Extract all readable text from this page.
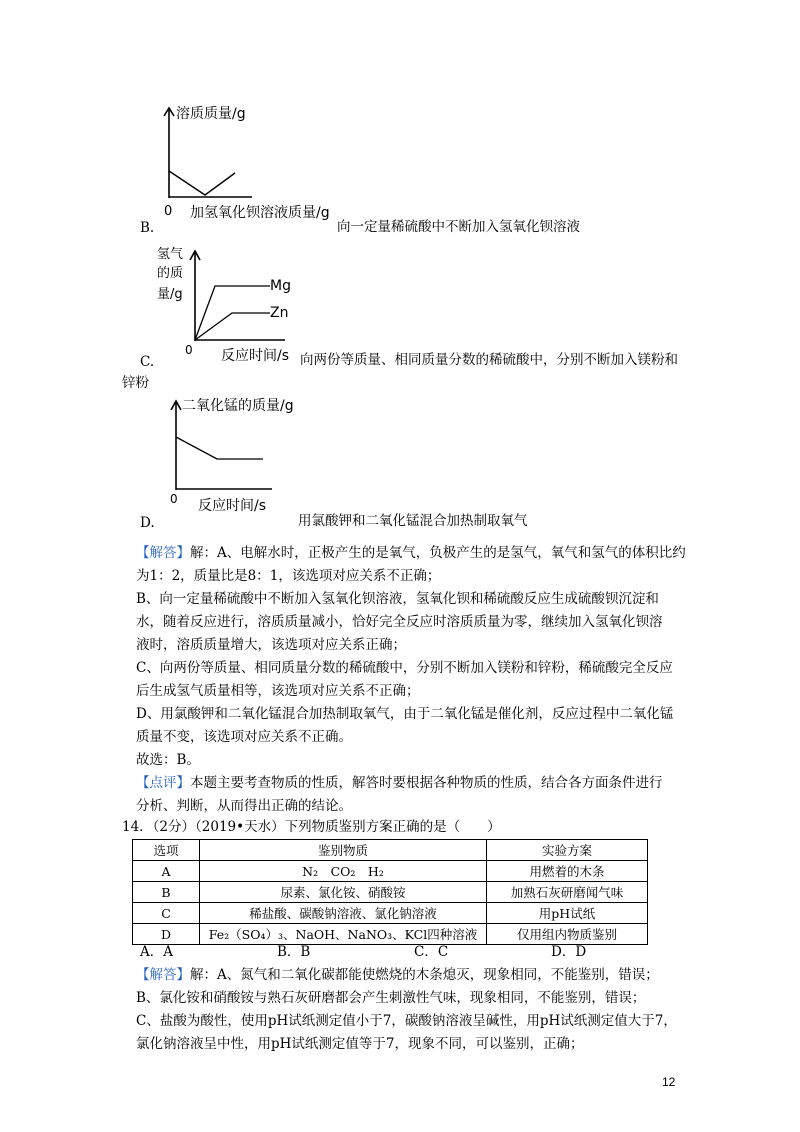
溶质质量/g
0 加氢氧化钡溶液质量/g
B.	向一定量稀硫酸中不断加入氢氧化钡溶液
氢气
的质
量/g
0 反应时间/s
Mg
Zn
C.	向两份等质量、相同质量分数的稀硫酸中，分别不断加入镁粉和
锌粉
二氧化锰的质量/g
0 反应时间/s
D.	用氯酸钾和二氧化锰混合加热制取氧气
【解答】解：A、电解水时，正极产生的是氧气，负极产生的是氢气，氧气和氢气的体积比约
为1：2，质量比是8：1，该选项对应关系不正确；
B、向一定量稀硫酸中不断加入氢氧化钡溶液，氢氧化钡和稀硫酸反应生成硫酸钡沉淀和
水，随着反应进行，溶质质量减小，恰好完全反应时溶质质量为零，继续加入氢氧化钡溶
液时，溶质质量增大，该选项对应关系正确；
C、向两份等质量、相同质量分数的稀硫酸中，分别不断加入镁粉和锌粉，稀硫酸完全反应
后生成氢气质量相等，该选项对应关系不正确；
D、用氯酸钾和二氧化锰混合加热制取氧气，由于二氧化锰是催化剂，反应过程中二氧化锰
质量不变，该选项对应关系不正确。
故选：B。
【点评】本题主要考查物质的性质，解答时要根据各种物质的性质，结合各方面条件进行
分析、判断，从而得出正确的结论。
14．（2分）（2019•天水）下列物质鉴别方案正确的是（　　）
选项	鉴别物质	实验方案
A	N₂　CO₂　H₂	用燃着的木条
B	尿素、氯化铵、硝酸铵	加熟石灰研磨闻气味
C	稀盐酸、碳酸钠溶液、氯化钠溶液	用pH试纸
D	Fe₂（SO₄）₃、NaOH、NaNO₃、KCl四种溶液	仅用组内物质鉴别
A．A	B．B	C．C	D．D
【解答】解：A、氮气和二氧化碳都能使燃烧的木条熄灭，现象相同，不能鉴别，错误；
B、氯化铵和硝酸铵与熟石灰研磨都会产生刺激性气味，现象相同，不能鉴别，错误；
C、盐酸为酸性，使用pH试纸测定值小于7，碳酸钠溶液呈碱性，用pH试纸测定值大于7，
氯化钠溶液呈中性，用pH试纸测定值等于7，现象不同，可以鉴别，正确；
12
